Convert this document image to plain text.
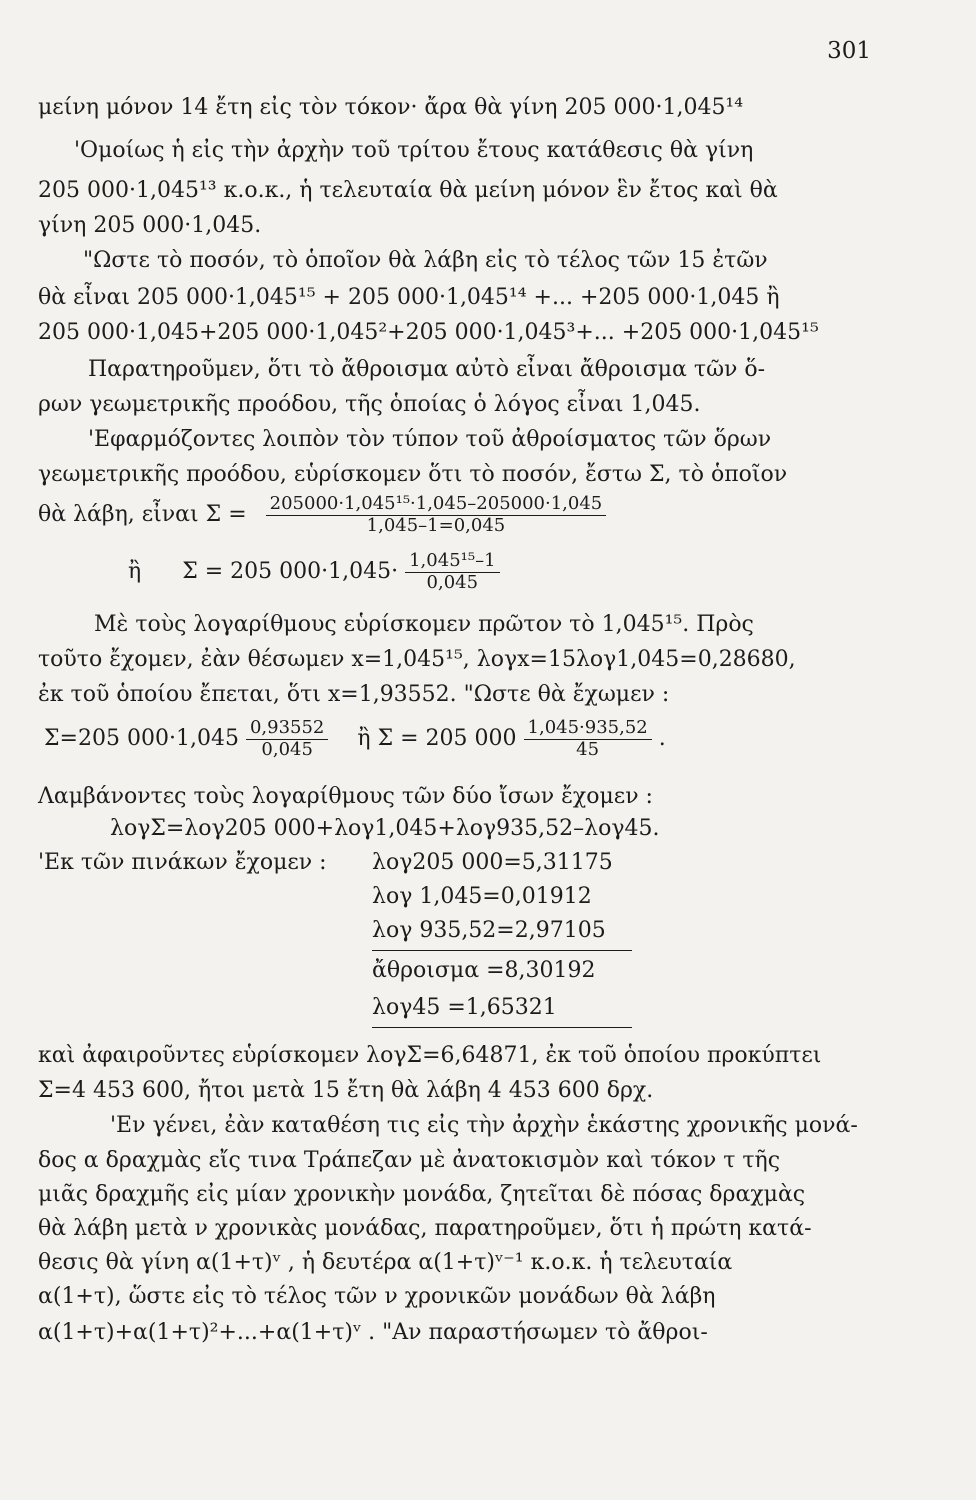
301
μείνη μόνον 14 ἔτη εἰς τὸν τόκον· ἄρα θὰ γίνη 205 000·1,045¹⁴
'Ομοίως ἡ εἰς τὴν ἀρχὴν τοῦ τρίτου ἔτους κατάθεσις θὰ γίνη
205 000·1,045¹³ κ.ο.κ., ἡ τελευταία θὰ μείνη μόνον ἓν ἔτος καὶ θὰ
γίνη 205 000·1,045.
"Ωστε τὸ ποσόν, τὸ ὁποῖον θὰ λάβη εἰς τὸ τέλος τῶν 15 ἐτῶν
θὰ εἶναι 205 000·1,045¹⁵ + 205 000·1,045¹⁴ +... +205 000·1,045 ἢ
205 000·1,045+205 000·1,045²+205 000·1,045³+... +205 000·1,045¹⁵
Παρατηροῦμεν, ὅτι τὸ ἄθροισμα αὐτὸ εἶναι ἄθροισμα τῶν ὅ-
ρων γεωμετρικῆς προόδου, τῆς ὁποίας ὁ λόγος εἶναι 1,045.
'Εφαρμόζοντες λοιπὸν τὸν τύπον τοῦ ἀθροίσματος τῶν ὅρων
γεωμετρικῆς προόδου, εὑρίσκομεν ὅτι τὸ ποσόν, ἔστω Σ, τὸ ὁποῖον
θὰ λάβη, εἶναι $\Sigma = \frac{\text{205000·1,045¹⁵·1,045–205000·1,045}}{1,045-1=0,045}$
ἢ Σ = 205 $000\cdot 1,045\cdot \frac{\text{1,045¹⁵–1}}{0,045}$
Μὲ τοὺς λογαρίθμους εὑρίσκομεν πρῶτον τὸ 1,045¹⁵. Πρὸς
τοῦτο ἔχομεν, ἐὰν θέσωμεν x=1,045¹⁵, λογx=15λογ1,045=0,28680,
ἐκ τοῦ ὁποίου ἔπεται, ὅτι x=1,93552. "Ωστε θὰ ἔχωμεν :
Σ=205 $000\cdot 1,045 \frac{0,93552}{0,045}$ ἢ Σ = 205 $000 \frac{1,045\cdot 935,52}{45}$ .
Λαμβάνοντες τοὺς λογαρίθμους τῶν δύο ἴσων ἔχομεν :
λογΣ=λογ205 000+λογ1,045+λογ935,52–λογ45.
'Εκ τῶν πινάκων ἔχομεν :	λογ205 000=5,31175
λογ 1,045=0,01912
λογ 935,52=2,97105
ἄθροισμα =8,30192
λογ45 =1,65321
καὶ ἀφαιροῦντες εὑρίσκομεν λογΣ=6,64871, ἐκ τοῦ ὁποίου προκύπτει
Σ=4 453 600, ἤτοι μετὰ 15 ἔτη θὰ λάβη 4 453 600 δρχ.
'Εν γένει, ἐὰν καταθέση τις εἰς τὴν ἀρχὴν ἑκάστης χρονικῆς μονά-
δος α δραχμὰς εἴς τινα Τράπεζαν μὲ ἀνατοκισμὸν καὶ τόκον τ τῆς
μιᾶς δραχμῆς εἰς μίαν χρονικὴν μονάδα, ζητεῖται δὲ πόσας δραχμὰς
θὰ λάβη μετὰ ν χρονικὰς μονάδας, παρατηροῦμεν, ὅτι ἡ πρώτη κατά-
θεσις θὰ γίνη α(1+τ)ᵛ , ἡ δευτέρα α(1+τ)ᵛ⁻¹ κ.ο.κ. ἡ τελευταία
α(1+τ), ὥστε εἰς τὸ τέλος τῶν ν χρονικῶν μονάδων θὰ λάβη
α(1+τ)+α(1+τ)²+...+α(1+τ)ᵛ . "Αν παραστήσωμεν τὸ ἄθροι-
